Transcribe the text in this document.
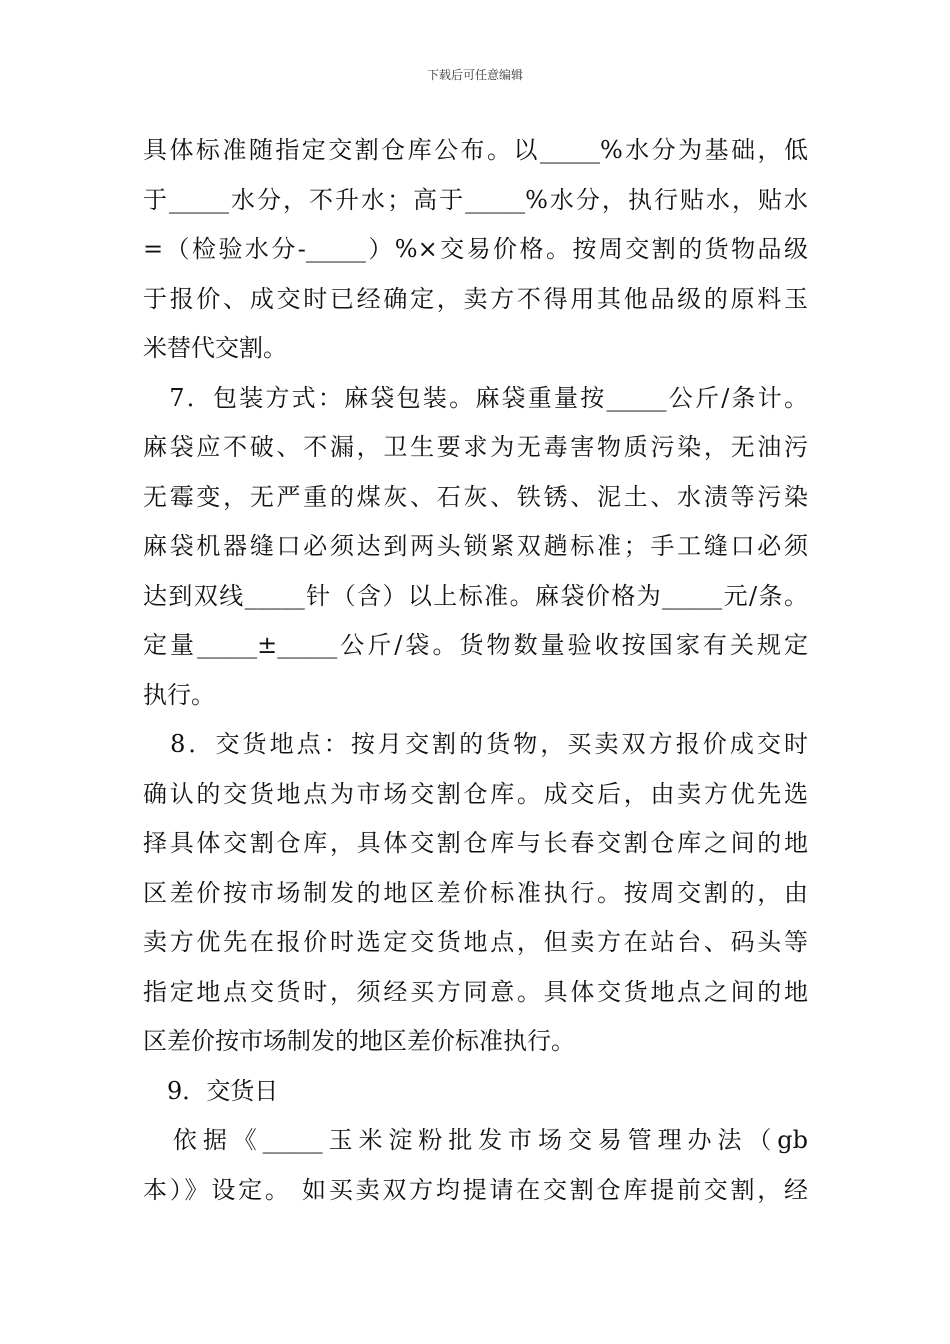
下载后可任意编辑
具体标准随指定交割仓库公布。以_____%水分为基础，低
于_____水分，不升水；高于_____%水分，执行贴水，贴水
=（检验水分-_____）%×交易价格。按周交割的货物品级
于报价、成交时已经确定，卖方不得用其他品级的原料玉
米替代交割。
　7．包装方式：麻袋包装。麻袋重量按_____公斤/条计。
麻袋应不破、不漏，卫生要求为无毒害物质污染，无油污
无霉变，无严重的煤灰、石灰、铁锈、泥土、水渍等污染
麻袋机器缝口必须达到两头锁紧双趟标准；手工缝口必须
达到双线_____针（含）以上标准。麻袋价格为_____元/条。
定量_____±_____公斤/袋。货物数量验收按国家有关规定
执行。
　8．交货地点：按月交割的货物，买卖双方报价成交时
确认的交货地点为市场交割仓库。成交后，由卖方优先选
择具体交割仓库，具体交割仓库与长春交割仓库之间的地
区差价按市场制发的地区差价标准执行。按周交割的，由
卖方优先在报价时选定交货地点，但卖方在站台、码头等
指定地点交货时，须经买方同意。具体交货地点之间的地
区差价按市场制发的地区差价标准执行。
　9．交货日
　依据《_____玉米淀粉批发市场交易管理办法（gb
本）》设定。 如买卖双方均提请在交割仓库提前交割，经
